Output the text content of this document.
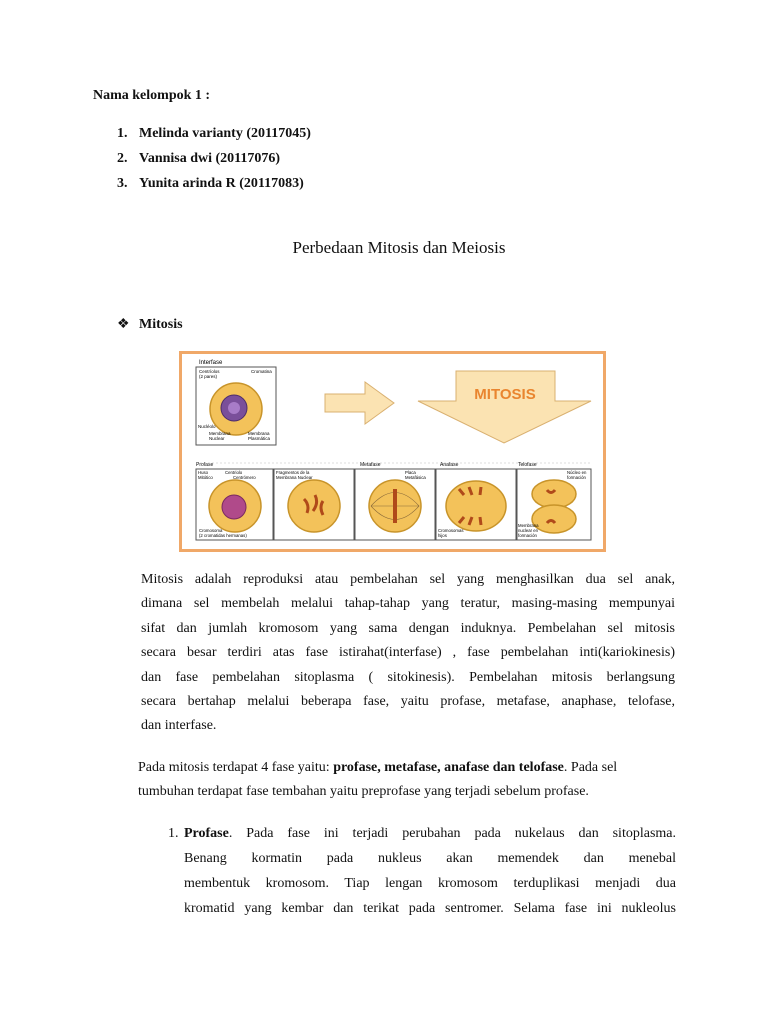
Nama kelompok 1 :
1. Melinda varianty (20117045)
2. Vannisa dwi (20117076)
3. Yunita arinda R (20117083)
Perbedaan Mitosis dan Meiosis
❖ Mitosis
Interfase
Centríolos
(2 pares)
Cromatina
Nucléolo
Membrana
Nuclear
Membrana
Plasmática
MITOSIS
Profase	Metafase	Anafase	Telofase
Huso
Mitótico
Centriolo
Centrómero
Cromosoma
(2 cromatidas hermanas)
Fragmentos de la
Membrana Nuclear
Placa
Metafásica
Cromosomas
hijos
Núcleo en
formación
Membrana
nuclear en
formación
Mitosis adalah reproduksi atau pembelahan sel yang menghasilkan dua sel anak,
dimana sel membelah melalui tahap-tahap yang teratur, masing-masing mempunyai
sifat dan jumlah kromosom yang sama dengan induknya. Pembelahan sel mitosis
secara besar terdiri atas fase istirahat(interfase) , fase pembelahan inti(kariokinesis)
dan fase pembelahan sitoplasma ( sitokinesis). Pembelahan mitosis berlangsung
secara bertahap melalui beberapa fase, yaitu profase, metafase, anaphase, telofase,
dan interfase.
Pada mitosis terdapat 4 fase yaitu: profase, metafase, anafase dan telofase. Pada sel
tumbuhan terdapat fase tembahan yaitu preprofase yang terjadi sebelum profase.
1. Profase. Pada fase ini terjadi perubahan pada nukelaus dan sitoplasma.
Benang kormatin pada nukleus akan memendek dan menebal
membentuk kromosom. Tiap lengan kromosom terduplikasi menjadi dua
kromatid yang kembar dan terikat pada sentromer. Selama fase ini nukleolus
